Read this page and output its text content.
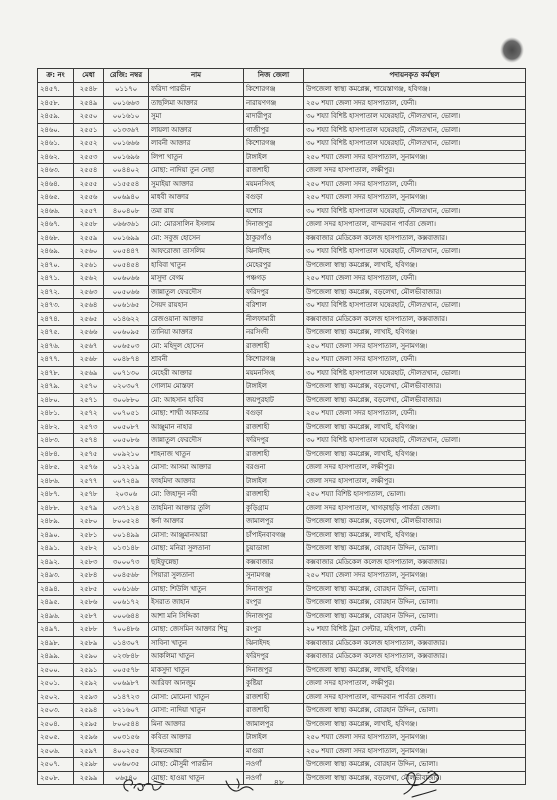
ক্র: নং	মেধা	রেজি: নম্বর	নাম	নিজ জেলা	পদায়নকৃত কর্মস্থল

২৪৫৭.	২৫৪৮	০১১৭০	ফরিদা পারভীন	কিশোরগঞ্জ	উপজেলা স্বাস্থ্য কমপ্লেক্স, শায়েস্তাগঞ্জ, হবিগঞ্জ।

২৪৫৮.	২৫৪৯	০০১৬৬৩	তাছলিমা আক্তার	নারায়ণগঞ্জ	২৫০ শয্যা জেলা সদর হাসপাতাল, ফেনী।

২৪৫৯.	২৫৫০	০০১৬১০	সুমা	মাদারীপুর	৩০ শয্যা বিশিষ্ট হাসপাতাল ঘষেরহাট, দৌলতখান, ভোলা।

২৪৬০.	২৫৫১	০১৩৩৬৭	লায়লা আক্তার	গাজীপুর	৩০ শয্যা বিশিষ্ট হাসপাতাল ঘষেরহাট, দৌলতখান, ভোলা।

২৪৬১.	২৫৫২	০০১৬৬৬	লাবনী আক্তার	কিশোরগঞ্জ	৩০ শয্যা বিশিষ্ট হাসপাতাল ঘষেরহাট, দৌলতখান, ভোলা।

২৪৬২.	২৫৫৩	০০১৬৯৬	লিপা খাতুন	টাঙ্গাইল	২৫০ শয্যা জেলা সদর হাসপাতাল, সুনামগঞ্জ।

২৪৬৩.	২৫৫৪	০০৪৪০২	মোছা: নাদিয়া তুন নেছা	রাজশাহী	জেলা সদর হাসপাতাল, লক্ষীপুর।

২৪৬৪.	২৫৫৫	০১৫৫৫৪	সুমাইয়া আক্তার	ময়মনসিংহ	২৫০ শয্যা জেলা সদর হাসপাতাল, ফেনী।

২৪৬৫.	২৫৫৬	০০৬৯৪০	মাধবী আক্তার	বগুড়া	২৫০ শয্যা জেলা সদর হাসপাতাল, সুনামগঞ্জ।

২৪৬৬.	২৫৫৭	৪০০৪০৮	তমা রায়	যশোর	৩০ শয্যা বিশিষ্ট হাসপাতাল ঘষেরহাট, দৌলতখান, ভোলা।

২৪৬৭.	২৫৫৮	০৬৬৩৬১	মো: মোরসালিন ইসলাম	দিনাজপুর	জেলা সদর হাসপাতাল, বান্দরবান পার্বত্য জেলা।

২৪৬৮.	২৫৫৯	০০১৬৯৯	মো: সবুজ হোসেন	ঠাকুরগাঁও	কক্সবাজার মেডিকেল কলেজ হাসপাতাল, কক্সবাজার।

২৪৬৯.	২৫৬০	০০৫৪৪৭	আফরোজা তাসলিম	ঝিনাইদহ	৩০ শয্যা বিশিষ্ট হাসপাতাল ঘষেরহাট, দৌলতখান, ভোলা।

২৪৭০.	২৫৬১	০০৫৪৫৪	হাবিবা খাতুন	মেহেরপুর	উপজেলা স্বাস্থ্য কমপ্লেক্স, লাখাই, হবিগঞ্জ।

২৪৭১.	২৫৬২	০০৬০৬৬	মাসুদা বেগম	পঞ্চগড়	২৫০ শয্যা জেলা সদর হাসপাতাল, ফেনী।

২৪৭২.	২৫৬৩	০০৫০৬৬	জান্নাতুল ফেরদৌস	ফরিদপুর	উপজেলা স্বাস্থ্য কমপ্লেক্স, বড়লেখা, মৌলভীবাজার।

২৪৭৩.	২৫৬৪	০০৬১৬৫	সৈয়দ রায়হান	বরিশাল	৩০ শয্যা বিশিষ্ট হাসপাতাল ঘষেরহাট, দৌলতখান, ভোলা।

২৪৭৪.	২৫৬৫	০১৪৬২২	রেজওয়ানা আক্তার	নীলফামারী	কক্সবাজার মেডিকেল কলেজ হাসপাতাল, কক্সবাজার।

২৪৭৫.	২৫৬৬	০০৬০৯৫	তানিয়া আক্তার	নরসিংদী	উপজেলা স্বাস্থ্য কমপ্লেক্স, লাখাই, হবিগঞ্জ।

২৪৭৬.	২৫৬৭	০০৬৫০৩	মো: মহিদুল হোসেন	রাজশাহী	২৫০ শয্যা জেলা সদর হাসপাতাল, সুনামগঞ্জ।

২৪৭৭.	২৫৬৮	০০৪৮৭৪	শ্রাবনী	কিশোরগঞ্জ	২৫০ শয্যা জেলা সদর হাসপাতাল, ফেনী।

২৪৭৮.	২৫৬৯	০০৭১৩০	মেহেরী আক্তার	ময়মনসিংহ	৩০ শয্যা বিশিষ্ট হাসপাতাল ঘষেরহাট, দৌলতখান, ভোলা।

২৪৭৯.	২৫৭০	০২০৩০৭	গোলাম মোস্তফা	টাঙ্গাইল	উপজেলা স্বাস্থ্য কমপ্লেক্স, বড়লেখা, মৌলভীবাজার।

২৪৮০.	২৫৭১	৩০০৮৮০	মো: আহসান হাবিব	জয়পুরহাট	উপজেলা স্বাস্থ্য কমপ্লেক্স, বড়লেখা, মৌলভীবাজার।

২৪৮১.	২৫৭২	০০৭০৫১	মোছা: শাম্মী আকতার	বগুড়া	২৫০ শয্যা জেলা সদর হাসপাতাল, ফেনী।

২৪৮২.	২৫৭৩	০০৫০৮৭	আঞ্জুমান নাহার	রাজশাহী	উপজেলা স্বাস্থ্য কমপ্লেক্স, লাখাই, হবিগঞ্জ।

২৪৮৩.	২৫৭৪	০০৫০৮৬	জান্নাতুল ফেরদৌস	ফরিদপুর	৩০ শয্যা বিশিষ্ট হাসপাতাল ঘষেরহাট, দৌলতখান, ভোলা।

২৪৮৪.	২৫৭৫	০০৯২১০	শাহনাজ খাতুন	রাজশাহী	উপজেলা স্বাস্থ্য কমপ্লেক্স, লাখাই, হবিগঞ্জ।

২৪৮৫.	২৫৭৬	০১২২১৯	মোসা: আসমা আক্তার	বরগুনা	জেলা সদর হাসপাতাল, লক্ষীপুর।

২৪৮৬.	২৫৭৭	০০৭২৪৯	ফাহমিদা আক্তার	টাঙ্গাইল	জেলা সদর হাসপাতাল, লক্ষীপুর।

২৪৮৭.	২৫৭৮	২০৩০৬	মো: জিহাদুন নবী	রাজশাহী	২৫০ শয্যা বিশিষ্ট হাসপাতাল, ভোলা।

২৪৮৮.	২৫৭৯	০৩৭১২৪	তাহমিনা আক্তার তুলি	কুড়িগ্রাম	জেলা সদর হাসপাতাল, খাগড়াছড়ি পার্বত্য জেলা।

২৪৮৯.	২৫৮০	৮০০৫২৪	স্বর্না আক্তার	জামালপুর	উপজেলা স্বাস্থ্য কমপ্লেক্স, বড়লেখা, মৌলভীবাজার।

২৪৯০.	২৫৮১	০০১৪৯৯	মোসা: আঞ্জুমানআরা	চাঁপাইনবাবগঞ্জ	উপজেলা স্বাস্থ্য কমপ্লেক্স, লাখাই, হবিগঞ্জ।

২৪৯১.	২৫৮২	০১৩১৪৮	মোছা: মনিরা সুলতানা	চুয়াডাঙ্গা	উপজেলা স্বাস্থ্য কমপ্লেক্স, বোরহান উদ্দিন, ভোলা।

২৪৯২.	২৫৮৩	৩০০০৭৩	ছাইফুন্নেছা	কক্সবাজার	কক্সবাজার মেডিকেল কলেজ হাসপাতাল, কক্সবাজার।

২৪৯৩.	২৫৮৪	০০৪৫৬৮	পিয়ারা সুলতানা	সুনামগঞ্জ	২৫০ শয্যা জেলা সদর হাসপাতাল, সুনামগঞ্জ।

২৪৯৪.	২৫৮৫	০০৬১৬৮	মোছা: শিউলি খাতুন	দিনাজপুর	উপজেলা স্বাস্থ্য কমপ্লেক্স, বোরহান উদ্দিন, ভোলা।

২৪৯৫.	২৫৮৬	০০৬১৭২	ইসরাত জাহান	রংপুর	উপজেলা স্বাস্থ্য কমপ্লেক্স, বোরহান উদ্দিন, ভোলা।

২৪৯৬.	২৫৮৭	০০০৬৪৪	আশা মনি সিদ্দিকা	দিনাজপুর	উপজেলা স্বাস্থ্য কমপ্লেক্স, বোরহান উদ্দিন, ভোলা।

২৪৯৭.	২৫৮৮	৭০০৪৮৬	মোছা: জেসমিন আক্তার শিমু	রংপুর	২০ শয্যা বিশিষ্ট ট্রমা সেন্টার, মহিপাল, ফেনী।

২৪৯৮.	২৫৮৯	০১৪৩০৭	সাবিনা খাতুন	ঝিনাইদহ	কক্সবাজার মেডিকেল কলেজ হাসপাতাল, কক্সবাজার।

২৪৯৯.	২৫৯০	০২৩৮৪৮	আকলিমা খাতুন	ফরিদপুর	কক্সবাজার মেডিকেল কলেজ হাসপাতাল, কক্সবাজার।

২৫০০.	২৫৯১	০০৫৫৭৮	মাকসুদা খাতুন	দিনাজপুর	উপজেলা স্বাস্থ্য কমপ্লেক্স, লাখাই, হবিগঞ্জ।

২৫০১.	২৫৯২	০০৬৯৮৭	আরিফা আনজুম	কুষ্টিয়া	জেলা সদর হাসপাতাল, লক্ষীপুর।

২৫০২.	২৫৯৩	০১৪৭২৩	মোসা: মোমেনা খাতুন	রাজশাহী	জেলা সদর হাসপাতাল, বান্দরবান পার্বত্য জেলা।

২৫০৩.	২৫৯৪	০২১৬০৭	মোসা: নাদিয়া খাতুন	রাজশাহী	উপজেলা স্বাস্থ্য কমপ্লেক্স, বোরহান উদ্দিন, ভোলা।

২৫০৪.	২৫৯৫	৮০০৫৪৪	মিনা আক্তার	জামালপুর	উপজেলা স্বাস্থ্য কমপ্লেক্স, লাখাই, হবিগঞ্জ।

২৫০৫.	২৫৯৬	০০৩১৫৬	কবিতা আক্তার	টাঙ্গাইল	২৫০ শয্যা জেলা সদর হাসপাতাল, সুনামগঞ্জ।

২৫০৬.	২৫৯৭	৪০০২৫৫	ইসমতআরা	মাগুরা	২৫০ শয্যা জেলা সদর হাসপাতাল, সুনামগঞ্জ।

২৫০৭.	২৫৯৮	০০৬০৩৫	মোছা: মৌসুমী পারভীন	নওগাঁ	উপজেলা স্বাস্থ্য কমপ্লেক্স, বোরহান উদ্দিন, ভোলা।

২৫০৮.	২৫৯৯	০৬৫৪০	মোছা: হাওয়া খাতুন	নওগাঁ	উপজেলা স্বাস্থ্য কমপ্লেক্স, বড়লেখা, মৌলভীবাজার।
৪৮
